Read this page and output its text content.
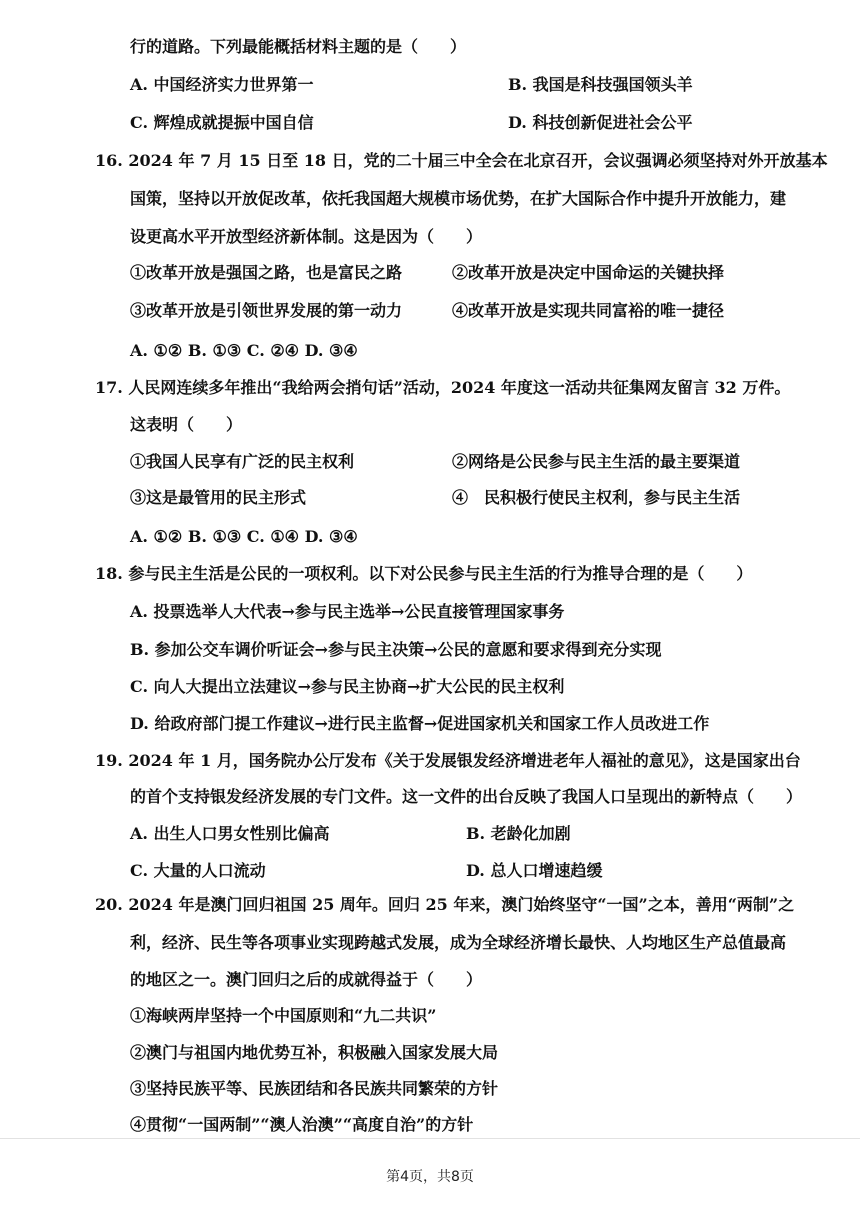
行的道路。下列最能概括材料主题的是（　　）
A. 中国经济实力世界第一	B. 我国是科技强国领头羊
C. 辉煌成就提振中国自信	D. 科技创新促进社会公平
16. 2024 年 7 月 15 日至 18 日，党的二十届三中全会在北京召开，会议强调必须坚持对外开放基本
国策，坚持以开放促改革，依托我国超大规模市场优势，在扩大国际合作中提升开放能力，建
设更高水平开放型经济新体制。这是因为（　　）
①改革开放是强国之路，也是富民之路	②改革开放是决定中国命运的关键抉择
③改革开放是引领世界发展的第一动力	④改革开放是实现共同富裕的唯一捷径
A. ①② B. ①③ C. ②④ D. ③④
17. 人民网连续多年推出“我给两会捎句话”活动，2024 年度这一活动共征集网友留言 32 万件。
这表明（　　）
①我国人民享有广泛的民主权利	②网络是公民参与民主生活的最主要渠道
③这是最管用的民主形式	④　民积极行使民主权利，参与民主生活
A. ①② B. ①③ C. ①④ D. ③④
18. 参与民主生活是公民的一项权利。以下对公民参与民主生活的行为推导合理的是（　　）
A. 投票选举人大代表→参与民主选举→公民直接管理国家事务
B. 参加公交车调价听证会→参与民主决策→公民的意愿和要求得到充分实现
C. 向人大提出立法建议→参与民主协商→扩大公民的民主权利
D. 给政府部门提工作建议→进行民主监督→促进国家机关和国家工作人员改进工作
19. 2024 年 1 月，国务院办公厅发布《关于发展银发经济增进老年人福祉的意见》，这是国家出台
的首个支持银发经济发展的专门文件。这一文件的出台反映了我国人口呈现出的新特点（　　）
A. 出生人口男女性别比偏高	B. 老龄化加剧
C. 大量的人口流动	D. 总人口增速趋缓
20. 2024 年是澳门回归祖国 25 周年。回归 25 年来，澳门始终坚守“一国”之本，善用“两制”之
利，经济、民生等各项事业实现跨越式发展，成为全球经济增长最快、人均地区生产总值最高
的地区之一。澳门回归之后的成就得益于（　　）
①海峡两岸坚持一个中国原则和“九二共识”
②澳门与祖国内地优势互补，积极融入国家发展大局
③坚持民族平等、民族团结和各民族共同繁荣的方针
④贯彻“一国两制”“澳人治澳”“高度自治”的方针
第4页，共8页
